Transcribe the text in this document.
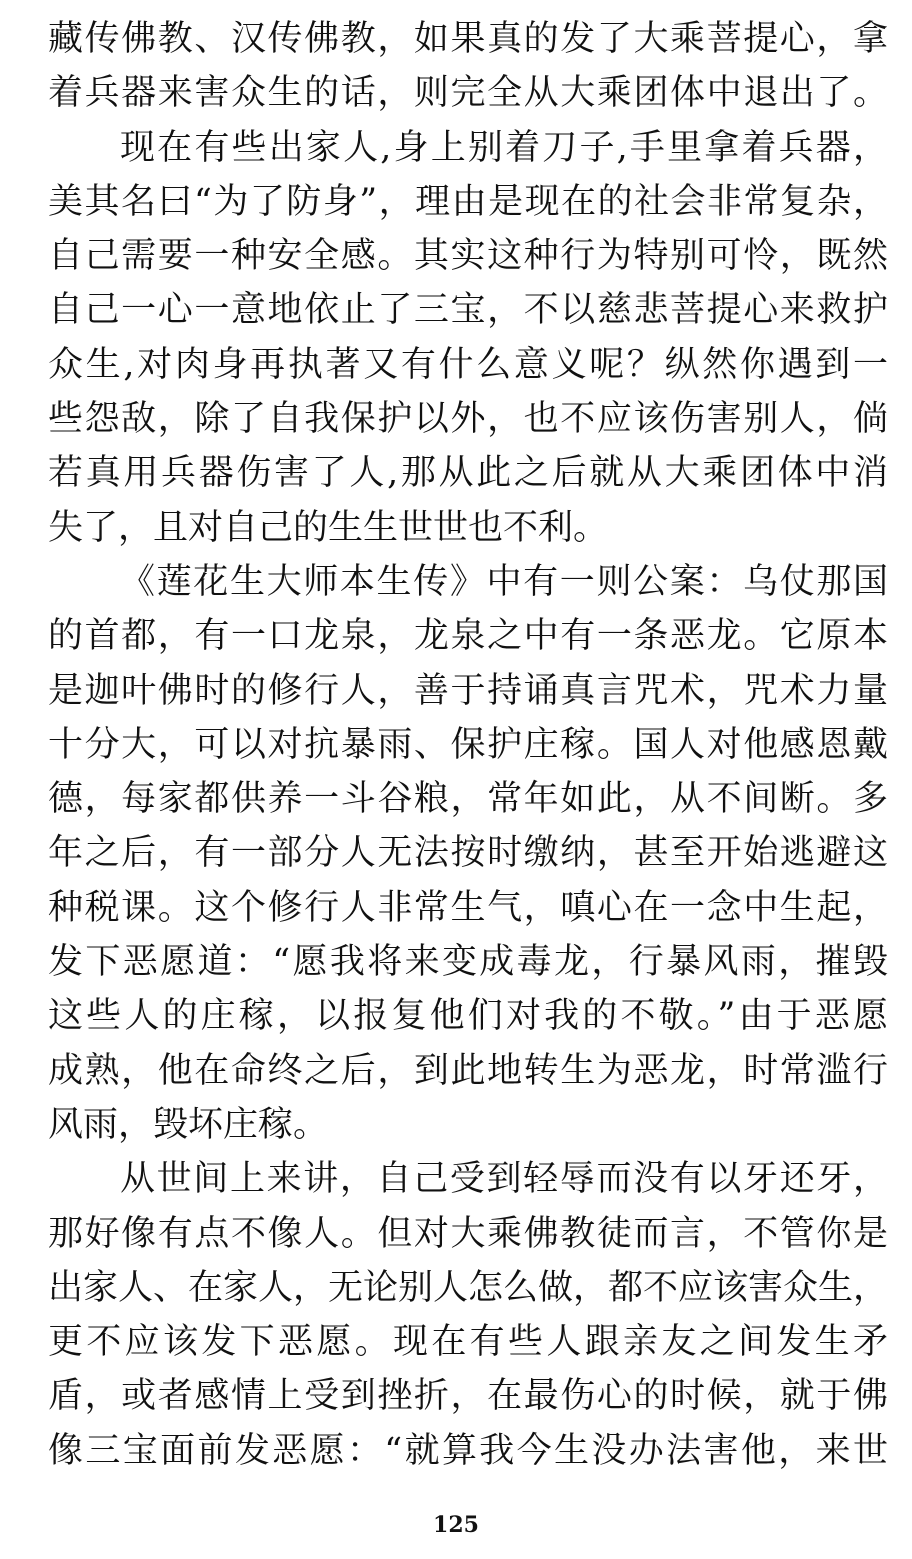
藏传佛教、汉传佛教，如果真的发了大乘菩提心，拿
着兵器来害众生的话，则完全从大乘团体中退出了。
现在有些出家人,身上别着刀子,手里拿着兵器，
美其名曰“为了防身”，理由是现在的社会非常复杂，
自己需要一种安全感。其实这种行为特别可怜，既然
自己一心一意地依止了三宝，不以慈悲菩提心来救护
众生,对肉身再执著又有什么意义呢？纵然你遇到一
些怨敌，除了自我保护以外，也不应该伤害别人，倘
若真用兵器伤害了人,那从此之后就从大乘团体中消
失了，且对自己的生生世世也不利。
《莲花生大师本生传》中有一则公案：乌仗那国
的首都，有一口龙泉，龙泉之中有一条恶龙。它原本
是迦叶佛时的修行人，善于持诵真言咒术，咒术力量
十分大，可以对抗暴雨、保护庄稼。国人对他感恩戴
德，每家都供养一斗谷粮，常年如此，从不间断。多
年之后，有一部分人无法按时缴纳，甚至开始逃避这
种税课。这个修行人非常生气，嗔心在一念中生起，
发下恶愿道：“愿我将来变成毒龙，行暴风雨，摧毁
这些人的庄稼，以报复他们对我的不敬。”由于恶愿
成熟，他在命终之后，到此地转生为恶龙，时常滥行
风雨，毁坏庄稼。
从世间上来讲，自己受到轻辱而没有以牙还牙，
那好像有点不像人。但对大乘佛教徒而言，不管你是
出家人、在家人，无论别人怎么做，都不应该害众生，
更不应该发下恶愿。现在有些人跟亲友之间发生矛
盾，或者感情上受到挫折，在最伤心的时候，就于佛
像三宝面前发恶愿：“就算我今生没办法害他，来世
125
